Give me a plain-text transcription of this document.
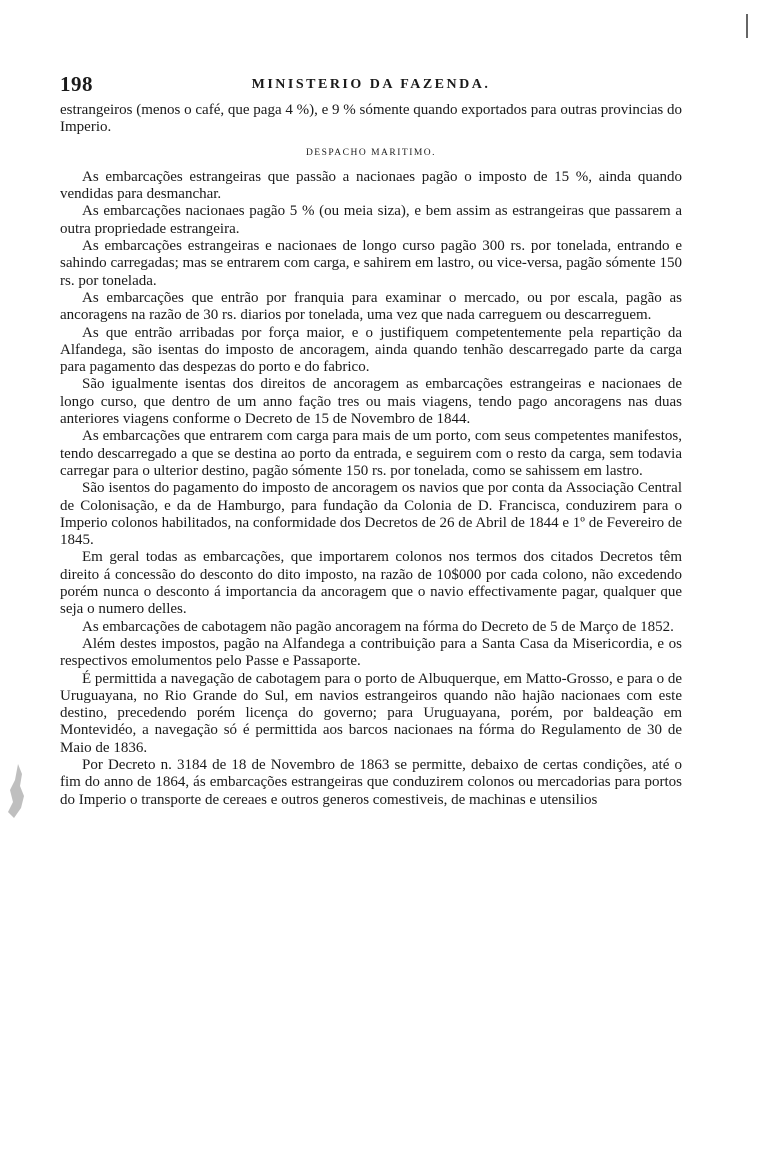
198	MINISTERIO DA FAZENDA.

estrangeiros (menos o café, que paga 4 %), e 9 % sómente quando exportados para outras provincias do Imperio.

DESPACHO MARITIMO.

As embarcações estrangeiras que passão a nacionaes pagão o imposto de 15 %, ainda quando vendidas para desmanchar.

As embarcações nacionaes pagão 5 % (ou meia siza), e bem assim as estrangeiras que passarem a outra propriedade estrangeira.

As embarcações estrangeiras e nacionaes de longo curso pagão 300 rs. por tonelada, entrando e sahindo carregadas; mas se entrarem com carga, e sahirem em lastro, ou vice-versa, pagão sómente 150 rs. por tonelada.

As embarcações que entrão por franquia para examinar o mercado, ou por escala, pagão as ancoragens na razão de 30 rs. diarios por tonelada, uma vez que nada carreguem ou descarreguem.

As que entrão arribadas por força maior, e o justifiquem competentemente pela repartição da Alfandega, são isentas do imposto de ancoragem, ainda quando tenhão descarregado parte da carga para pagamento das despezas do porto e do fabrico.

São igualmente isentas dos direitos de ancoragem as embarcações estrangeiras e nacionaes de longo curso, que dentro de um anno fação tres ou mais viagens, tendo pago ancoragens nas duas anteriores viagens conforme o Decreto de 15 de Novembro de 1844.

As embarcações que entrarem com carga para mais de um porto, com seus competentes manifestos, tendo descarregado a que se destina ao porto da entrada, e seguirem com o resto da carga, sem todavia carregar para o ulterior destino, pagão sómente 150 rs. por tonelada, como se sahissem em lastro.

São isentos do pagamento do imposto de ancoragem os navios que por conta da Associação Central de Colonisação, e da de Hamburgo, para fundação da Colonia de D. Francisca, conduzirem para o Imperio colonos habilitados, na conformidade dos Decretos de 26 de Abril de 1844 e 1º de Fevereiro de 1845.

Em geral todas as embarcações, que importarem colonos nos termos dos citados Decretos têm direito á concessão do desconto do dito imposto, na razão de 10$000 por cada colono, não excedendo porém nunca o desconto á importancia da ancoragem que o navio effectivamente pagar, qualquer que seja o numero delles.

As embarcações de cabotagem não pagão ancoragem na fórma do Decreto de 5 de Março de 1852.

Além destes impostos, pagão na Alfandega a contribuição para a Santa Casa da Misericordia, e os respectivos emolumentos pelo Passe e Passaporte.

É permittida a navegação de cabotagem para o porto de Albuquerque, em Matto-Grosso, e para o de Uruguayana, no Rio Grande do Sul, em navios estrangeiros quando não hajão nacionaes com este destino, precedendo porém licença do governo; para Uruguayana, porém, por baldeação em Montevidéo, a navegação só é permittida aos barcos nacionaes na fórma do Regulamento de 30 de Maio de 1836.

Por Decreto n. 3184 de 18 de Novembro de 1863 se permitte, debaixo de certas condições, até o fim do anno de 1864, ás embarcações estrangeiras que conduzirem colonos ou mercadorias para portos do Imperio o transporte de cereaes e outros generos comestiveis, de machinas e utensilios
